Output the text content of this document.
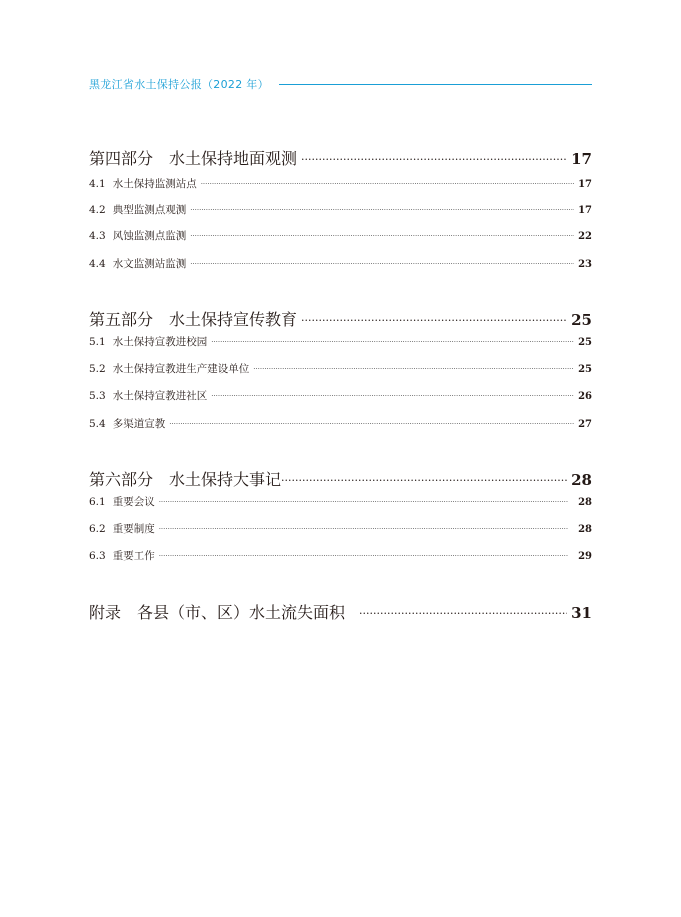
黑龙江省水土保持公报（2022 年）
第四部分 水土保持地面观测 ·····	17
4.1 水土保持监测站点 ·····	17
4.2 典型监测点观测 ·····	17
4.3 风蚀监测点监测 ·····	22
4.4 水文监测站监测 ·····	23
第五部分 水土保持宣传教育 ·····	25
5.1 水土保持宣教进校园 ·····	25
5.2 水土保持宣教进生产建设单位 ·····	25
5.3 水土保持宣教进社区 ·····	26
5.4 多渠道宣教 ·····	27
第六部分 水土保持大事记 ·····	28
6.1 重要会议 ·····	28
6.2 重要制度 ·····	28
6.3 重要工作 ·····	29
附录 各县（市、区）水土流失面积 ·····	31
